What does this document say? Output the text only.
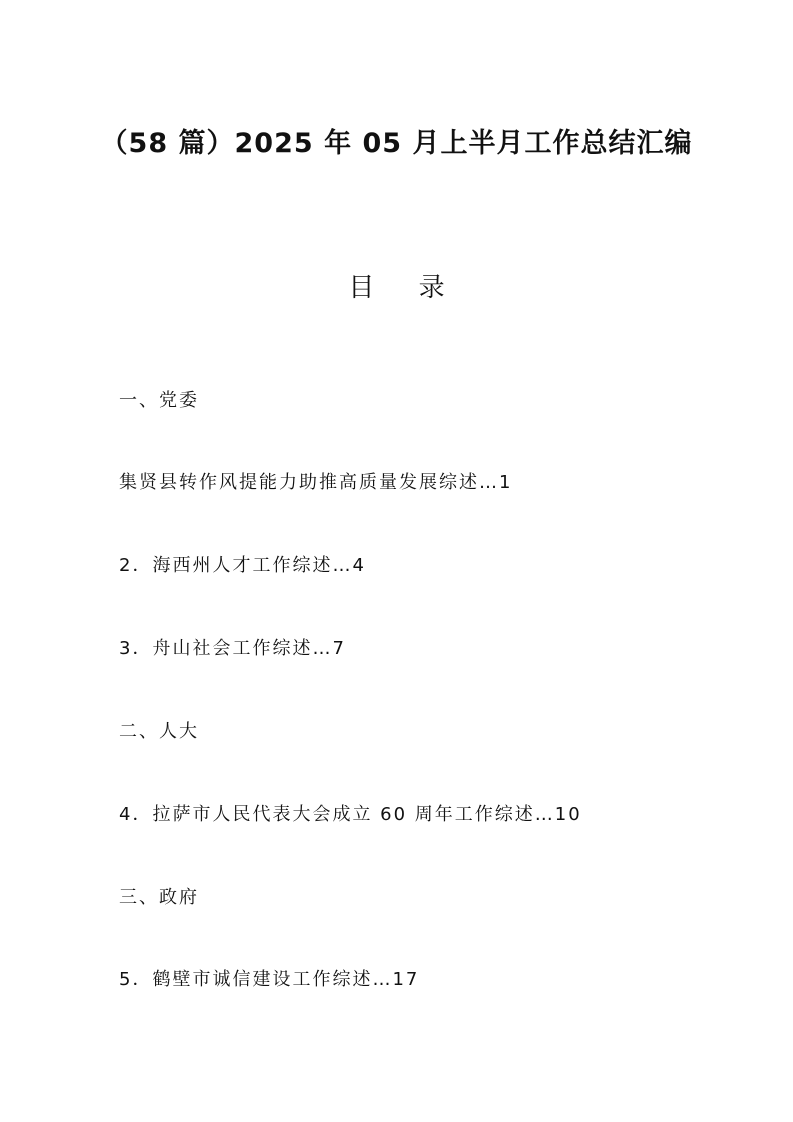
（58 篇）2025 年 05 月上半月工作总结汇编
目 录
一、党委
集贤县转作风提能力助推高质量发展综述…1
2．海西州人才工作综述…4
3．舟山社会工作综述…7
二、人大
4．拉萨市人民代表大会成立 60 周年工作综述…10
三、政府
5．鹤壁市诚信建设工作综述…17
